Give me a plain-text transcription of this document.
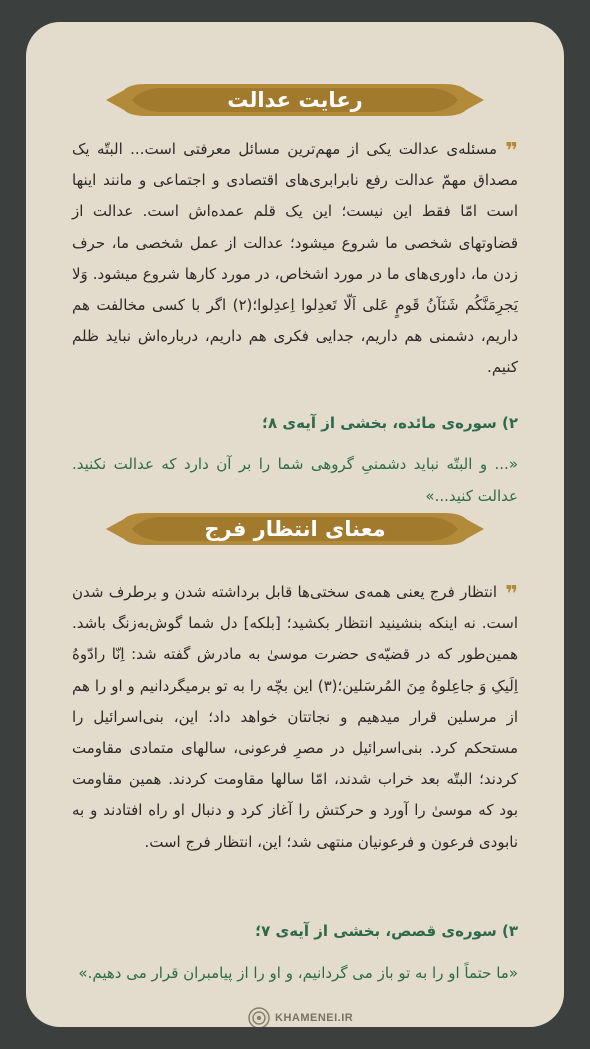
رعایت عدالت
❞مسئله‌ی عدالت یکی از مهم‌ترین مسائل معرفتی است... البتّه یک مصداق مهمّ عدالت رفع نابرابری‌های اقتصادی و اجتماعی و مانند اینها است امّا فقط این نیست؛ این یک قلم عمده‌اش است. عدالت از قضاوتهای شخصی ما شروع میشود؛ عدالت از عمل شخصی ما، حرف زدن ما، داوری‌های ما در مورد اشخاص، در مورد کارها شروع میشود. وَلا یَجرِمَنَّکُم شَنَآنُ قَومٍ عَلی اَلّا تَعدِلوا اِعدِلوا؛(۲) اگر با کسی مخالفت هم داریم، دشمنی هم داریم، جدایی فکری هم داریم، درباره‌اش نباید ظلم کنیم.
۲) سوره‌ی مائده، بخشی از آیه‌ی ۸؛
«... و البتّه نباید دشمنیِ گروهی شما را بر آن دارد که عدالت نکنید. عدالت کنید...»
معنای انتظار فرج
❞انتظار فرج یعنی همه‌ی سختی‌ها قابل برداشته شدن و برطرف شدن است. نه اینکه بنشینید انتظار بکشید؛ [بلکه] دل شما گوش‌به‌زنگ باشد. همین‌طور که در قضیّه‌ی حضرت موسیٰ به مادرش گفته شد: اِنّا رادّوهُ اِلَیکِ وَ جاعِلوهُ مِنَ المُرسَلین؛(۳) این بچّه را به تو برمیگردانیم و او را هم از مرسلین قرار میدهیم و نجاتتان خواهد داد؛ این، بنی‌اسرائیل را مستحکم کرد. بنی‌اسرائیل در مصرِ فرعونی، سالهای متمادی مقاومت کردند؛ البتّه بعد خراب شدند، امّا سالها مقاومت کردند. همین مقاومت بود که موسیٰ را آورد و حرکتش را آغاز کرد و دنبال او راه افتادند و به نابودی فرعون و فرعونیان منتهی شد؛ این، انتظار فرج است.
۳) سوره‌ی قصص، بخشی از آیه‌ی ۷؛
«ما حتماً او را به تو باز می گردانیم، و او را از پیامبران قرار می دهیم.»
KHAMENEI.IR
